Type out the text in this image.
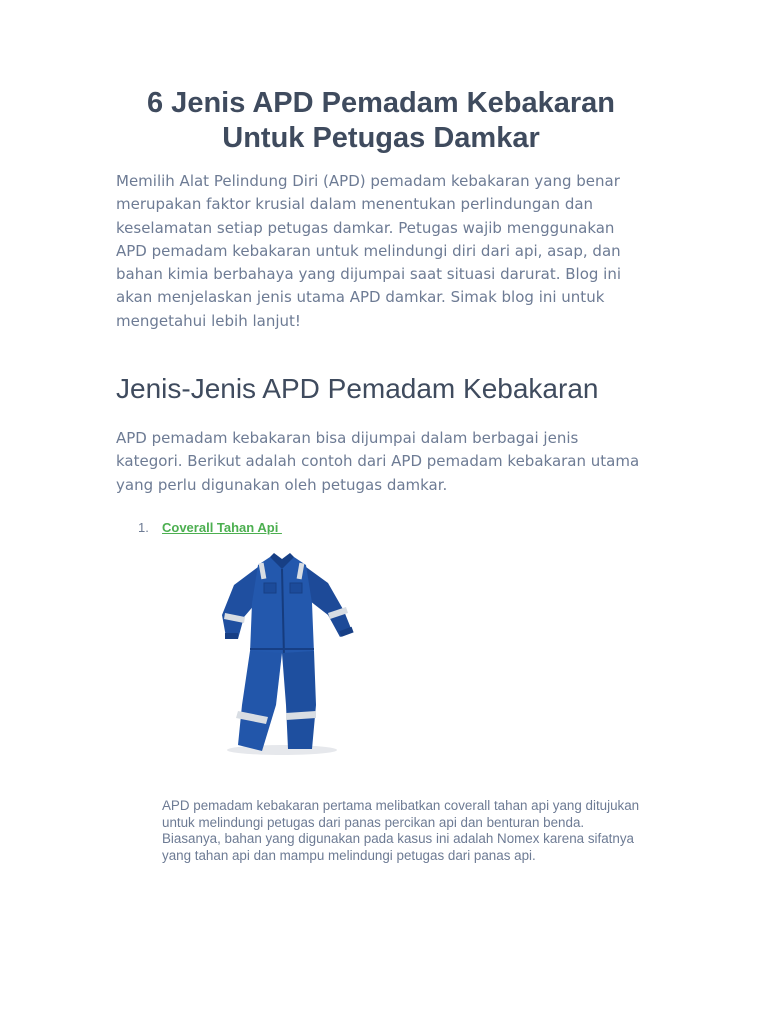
6 Jenis APD Pemadam Kebakaran Untuk Petugas Damkar

Memilih Alat Pelindung Diri (APD) pemadam kebakaran yang benar merupakan faktor krusial dalam menentukan perlindungan dan keselamatan setiap petugas damkar. Petugas wajib menggunakan APD pemadam kebakaran untuk melindungi diri dari api, asap, dan bahan kimia berbahaya yang dijumpai saat situasi darurat. Blog ini akan menjelaskan jenis utama APD damkar. Simak blog ini untuk mengetahui lebih lanjut!

Jenis-Jenis APD Pemadam Kebakaran

APD pemadam kebakaran bisa dijumpai dalam berbagai jenis kategori. Berikut adalah contoh dari APD pemadam kebakaran utama yang perlu digunakan oleh petugas damkar.

1. Coverall Tahan Api

APD pemadam kebakaran pertama melibatkan coverall tahan api yang ditujukan untuk melindungi petugas dari panas percikan api dan benturan benda. Biasanya, bahan yang digunakan pada kasus ini adalah Nomex karena sifatnya yang tahan api dan mampu melindungi petugas dari panas api.
